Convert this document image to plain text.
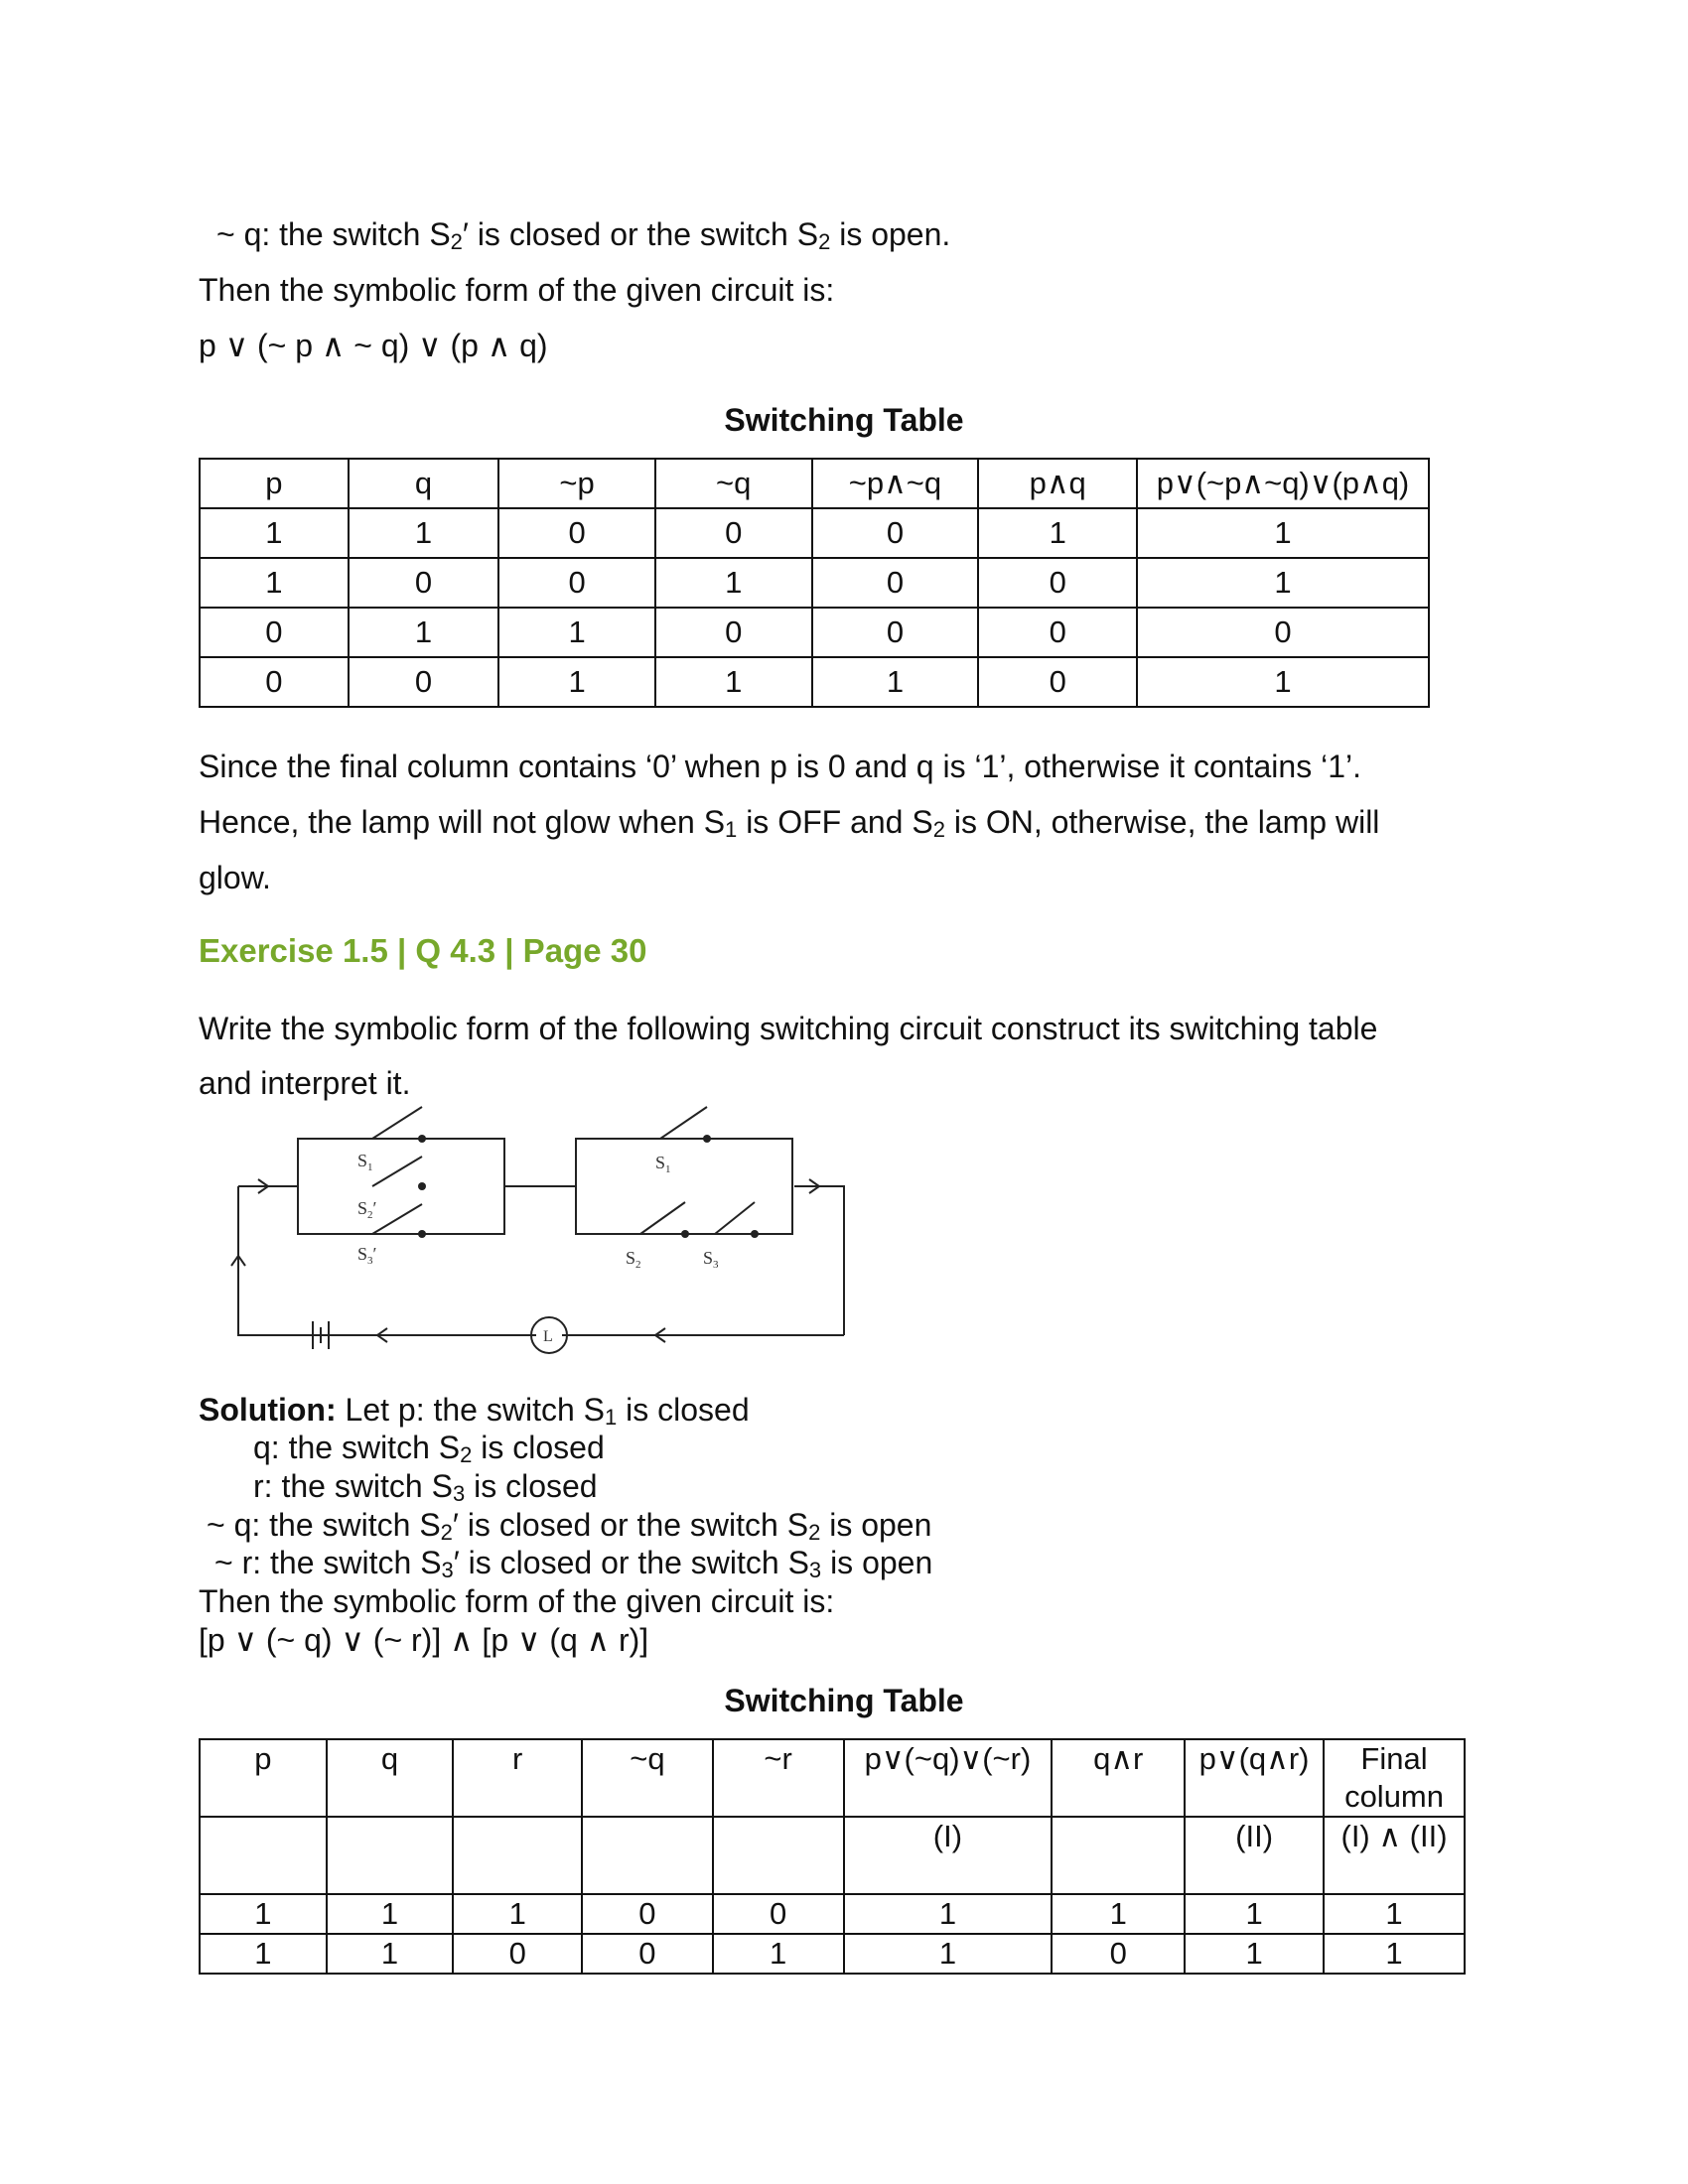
~ q: the switch $S_2'$ is closed or the switch $S_2$ is open.
Then the symbolic form of the given circuit is:
p ∨ (~ p ∧ ~ q) ∨ (p ∧ q)
Switching Table
p	q	~p	~q	~p∧~q	p∧q	p∨(~p∧~q)∨(p∧q)
1	1	0	0	0	1	1
1	0	0	1	0	0	1
0	1	1	0	0	0	0
0	0	1	1	1	0	1
Since the final column contains ‘0’ when p is 0 and q is ‘1’, otherwise it contains ‘1’.
Hence, the lamp will not glow when $S_1$ is OFF and $S_2$ is ON, otherwise, the lamp will
glow.
Exercise 1.5 | Q 4.3 | Page 30
Write the symbolic form of the following switching circuit construct its switching table
and interpret it.
$S_1$
$S_2'$
$S_3'$
$S_1$
$S_2$	$S_3$
L
Solution: Let p: the switch $S_1$ is closed
q: the switch $S_2$ is closed
r: the switch $S_3$ is closed
~ q: the switch $S_2'$ is closed or the switch $S_2$ is open
~ r: the switch $S_3'$ is closed or the switch $S_3$ is open
Then the symbolic form of the given circuit is:
[p ∨ (~ q) ∨ (~ r)] ∧ [p ∨ (q ∧ r)]
Switching Table
p	q	r	~q	~r	p∨(~q)∨(~r)	q∧r	p∨(q∧r)	Final column
					(I)		(II)	(I) ∧ (II)
1	1	1	0	0	1	1	1	1
1	1	0	0	1	1	0	1	1
